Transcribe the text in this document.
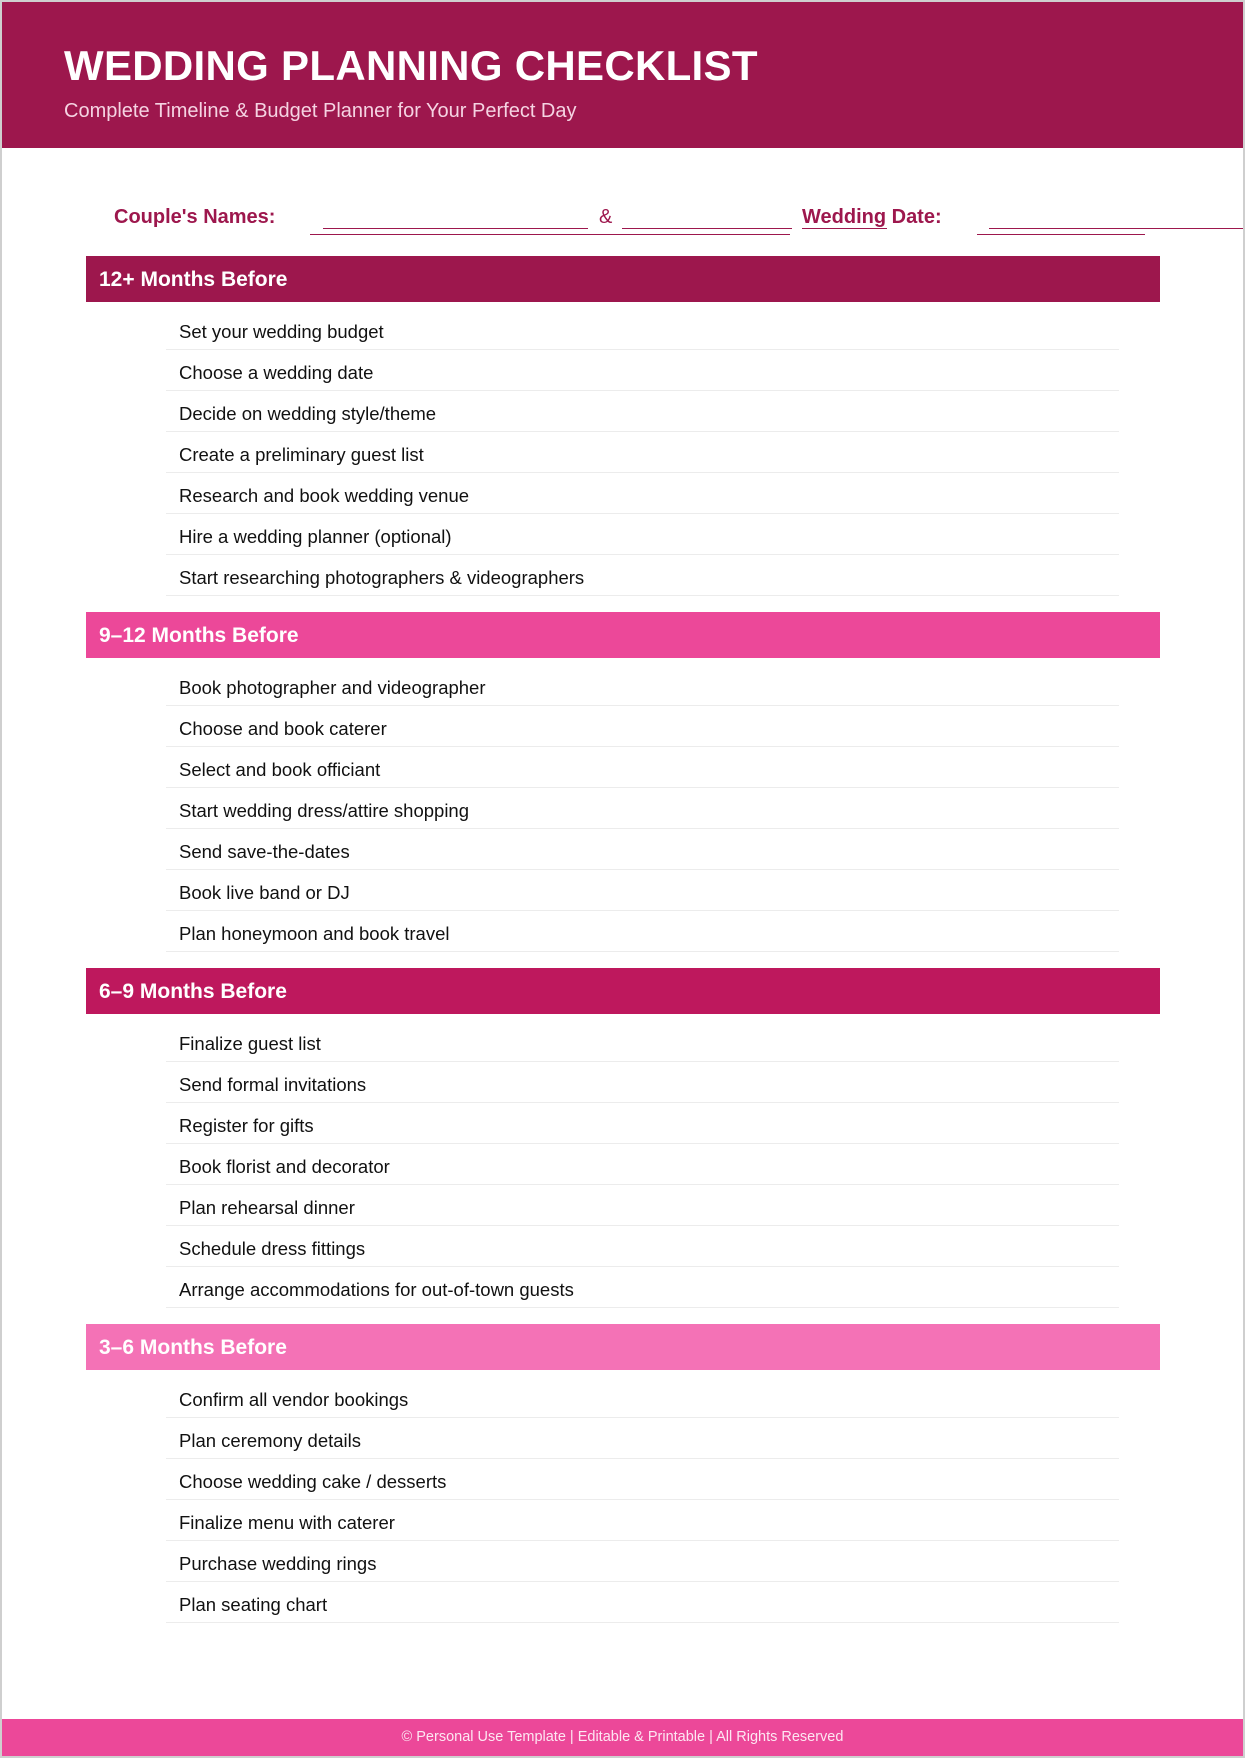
WEDDING PLANNING CHECKLIST

Complete Timeline & Budget Planner for Your Perfect Day

Couple's Names:	&	Wedding Date:
12+ Months Before
Set your wedding budget
Choose a wedding date
Decide on wedding style/theme
Create a preliminary guest list
Research and book wedding venue
Hire a wedding planner (optional)
Start researching photographers & videographers
9–12 Months Before
Book photographer and videographer
Choose and book caterer
Select and book officiant
Start wedding dress/attire shopping
Send save-the-dates
Book live band or DJ
Plan honeymoon and book travel
6–9 Months Before
Finalize guest list
Send formal invitations
Register for gifts
Book florist and decorator
Plan rehearsal dinner
Schedule dress fittings
Arrange accommodations for out-of-town guests
3–6 Months Before
Confirm all vendor bookings
Plan ceremony details
Choose wedding cake / desserts
Finalize menu with caterer
Purchase wedding rings
Plan seating chart
© Personal Use Template | Editable & Printable | All Rights Reserved
